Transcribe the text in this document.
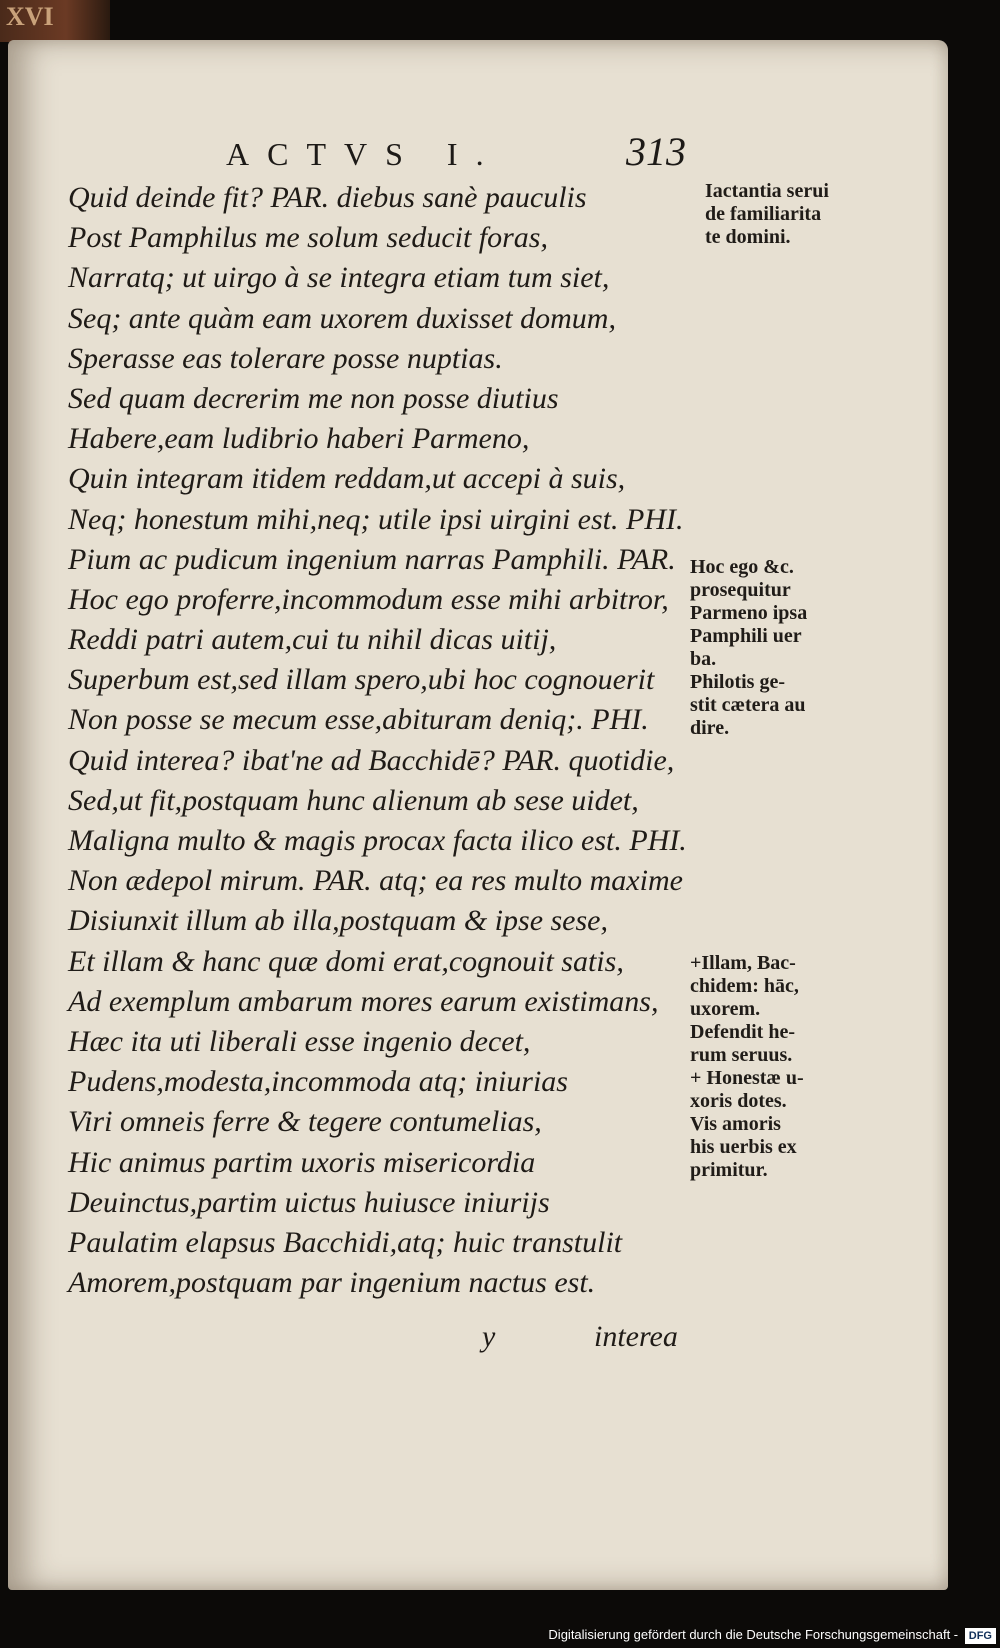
XVI
ACTVS I.	313
Quid deinde fit? PAR. diebus sanè pauculis
Post Pamphilus me solum seducit foras,
Narratq; ut uirgo à se integra etiam tum siet,
Seq; ante quàm eam uxorem duxisset domum,
Sperasse eas tolerare posse nuptias.
Sed quam decrerim me non posse diutius
Habere,eam ludibrio haberi Parmeno,
Quin integram itidem reddam,ut accepi à suis,
Neq; honestum mihi,neq; utile ipsi uirgini est. PHI.
Pium ac pudicum ingenium narras Pamphili. PAR.
Hoc ego proferre,incommodum esse mihi arbitror,
Reddi patri autem,cui tu nihil dicas uitij,
Superbum est,sed illam spero,ubi hoc cognouerit
Non posse se mecum esse,abituram deniq;. PHI.
Quid interea? ibat'ne ad Bacchidē? PAR. quotidie,
Sed,ut fit,postquam hunc alienum ab sese uidet,
Maligna multo & magis procax facta ilico est. PHI.
Non ædepol mirum. PAR. atq; ea res multo maxime
Disiunxit illum ab illa,postquam & ipse sese,
Et illam & hanc quæ domi erat,cognouit satis,
Ad exemplum ambarum mores earum existimans,
Hæc ita uti liberali esse ingenio decet,
Pudens,modesta,incommoda atq; iniurias
Viri omneis ferre & tegere contumelias,
Hic animus partim uxoris misericordia
Deuinctus,partim uictus huiusce iniurijs
Paulatim elapsus Bacchidi,atq; huic transtulit
Amorem,postquam par ingenium nactus est.
Iactantia serui
de familiarita
te domini.
Hoc ego &c.
prosequitur
Parmeno ipsa
Pamphili uer
ba.
Philotis ge-
stit cætera au
dire.
+Illam, Bac-
chidem: hāc,
uxorem.
Defendit he-
rum seruus.
+ Honestæ u-
xoris dotes.
Vis amoris
his uerbis ex
primitur.
y	interea
Digitalisierung gefördert durch die Deutsche Forschungsgemeinschaft - DFG
